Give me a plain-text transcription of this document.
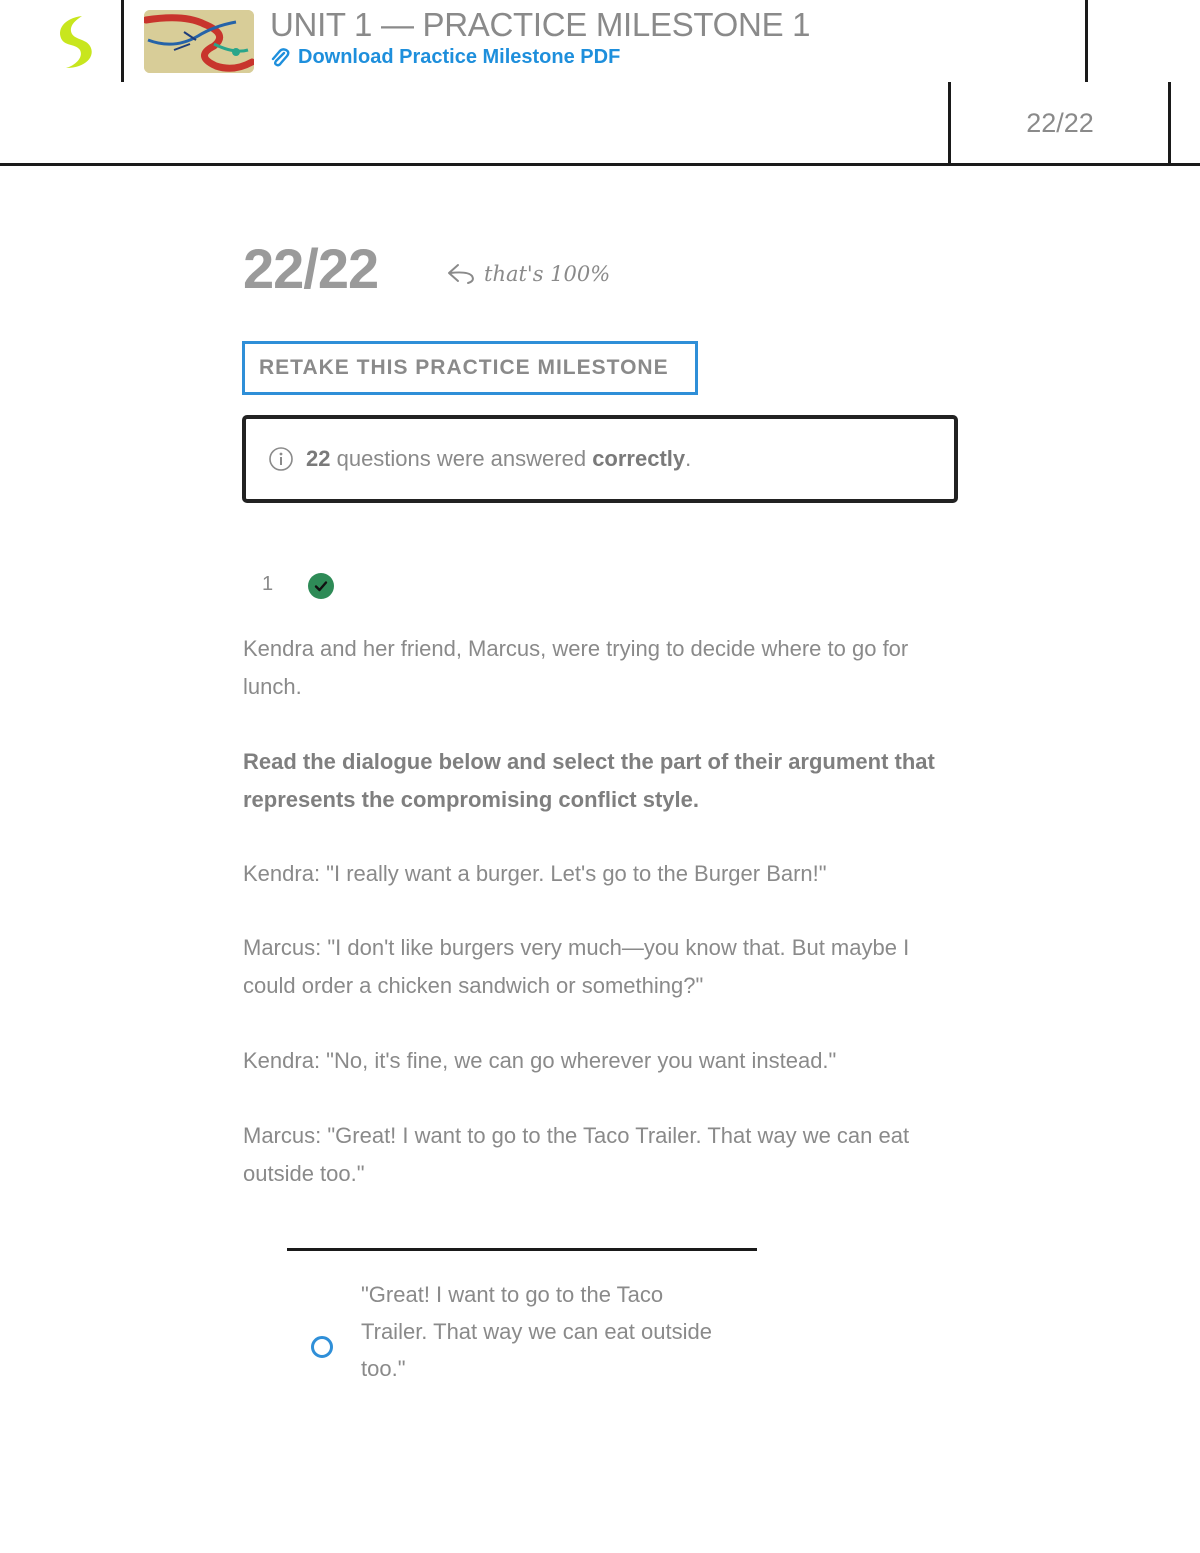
UNIT 1 — PRACTICE MILESTONE 1
Download Practice Milestone PDF
22/22
22/22	that's 100%
RETAKE THIS PRACTICE MILESTONE
22 questions were answered correctly.
1
Kendra and her friend, Marcus, were trying to decide where to go for lunch.
Read the dialogue below and select the part of their argument that represents the compromising conflict style.
Kendra: "I really want a burger. Let's go to the Burger Barn!"
Marcus: "I don't like burgers very much—you know that. But maybe I could order a chicken sandwich or something?"
Kendra: "No, it's fine, we can go wherever you want instead."
Marcus: "Great! I want to go to the Taco Trailer. That way we can eat outside too."
"Great! I want to go to the Taco Trailer. That way we can eat outside too."
